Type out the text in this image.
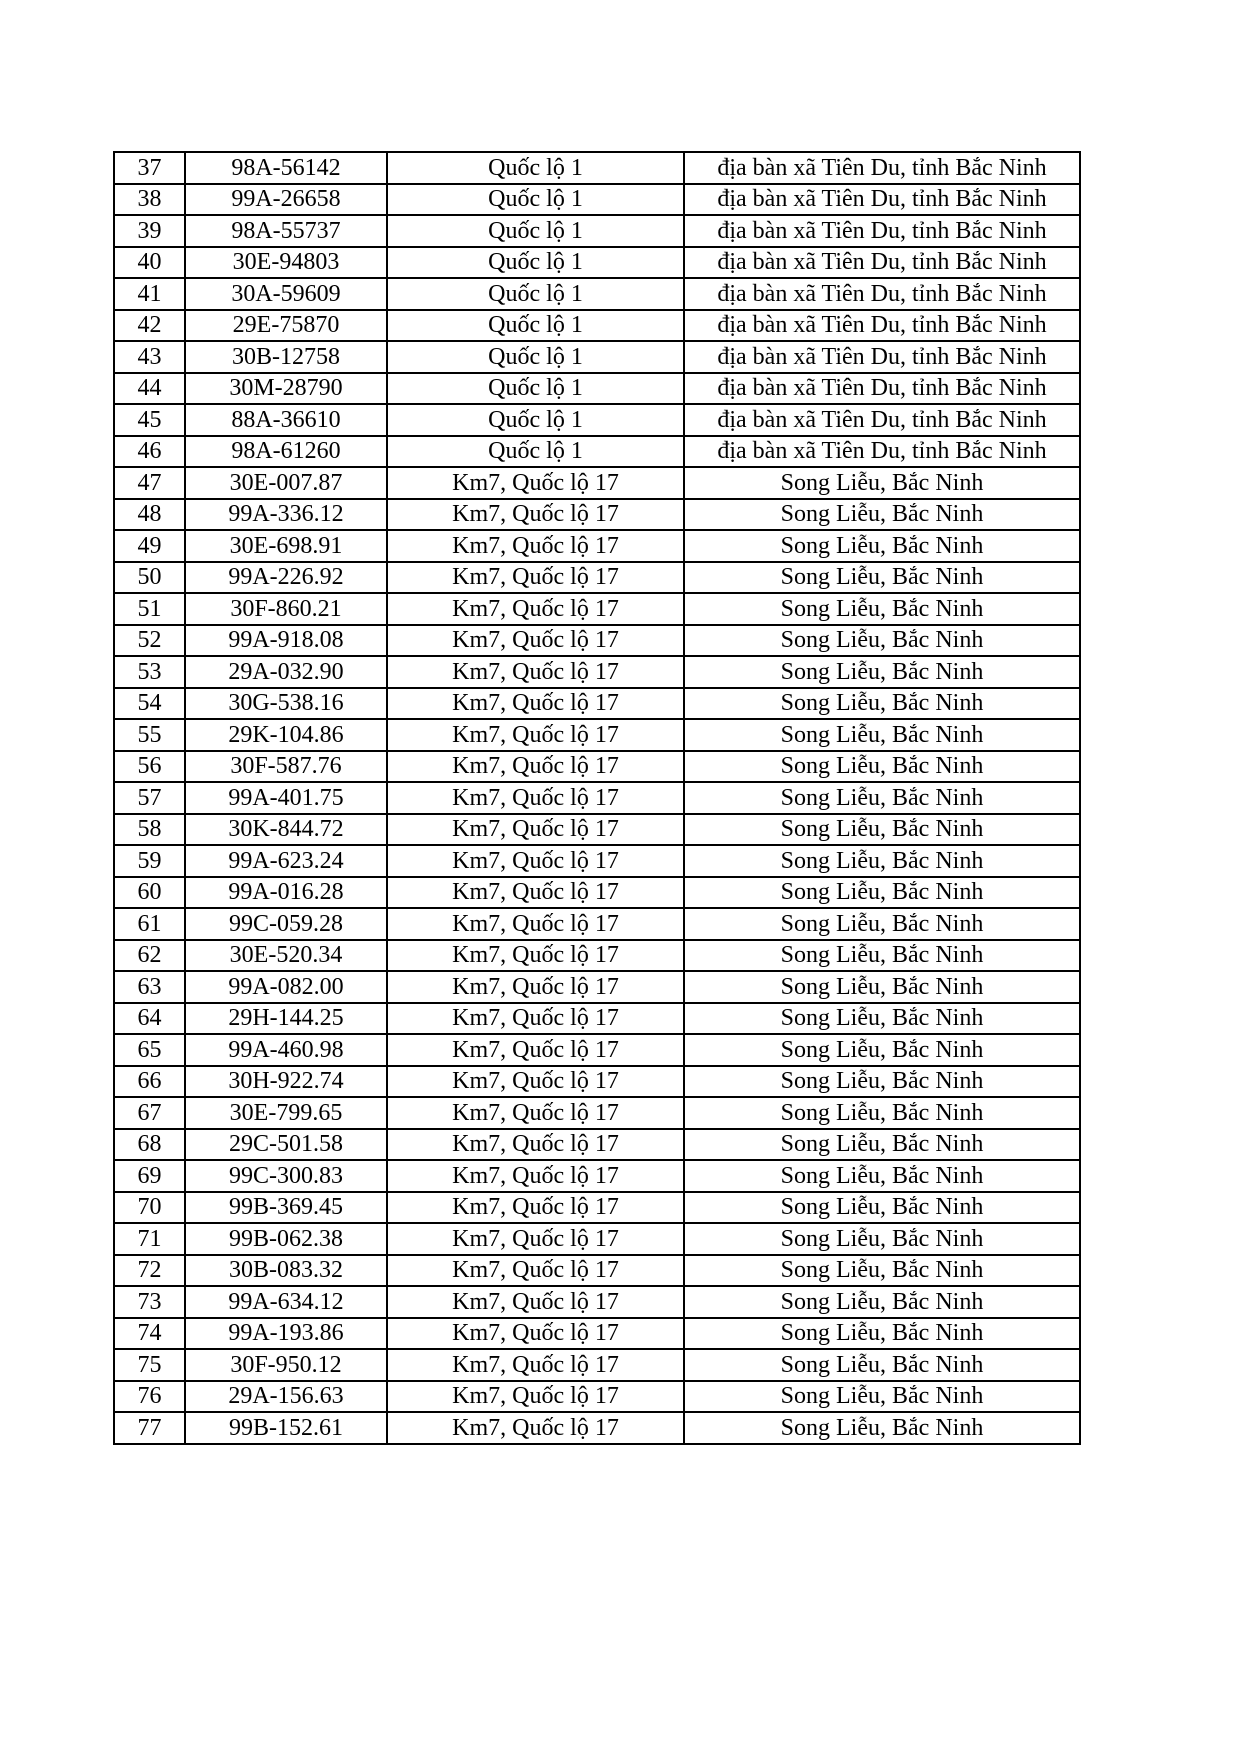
37	98A-56142	Quốc lộ 1	địa bàn xã Tiên Du, tỉnh Bắc Ninh
38	99A-26658	Quốc lộ 1	địa bàn xã Tiên Du, tỉnh Bắc Ninh
39	98A-55737	Quốc lộ 1	địa bàn xã Tiên Du, tỉnh Bắc Ninh
40	30E-94803	Quốc lộ 1	địa bàn xã Tiên Du, tỉnh Bắc Ninh
41	30A-59609	Quốc lộ 1	địa bàn xã Tiên Du, tỉnh Bắc Ninh
42	29E-75870	Quốc lộ 1	địa bàn xã Tiên Du, tỉnh Bắc Ninh
43	30B-12758	Quốc lộ 1	địa bàn xã Tiên Du, tỉnh Bắc Ninh
44	30M-28790	Quốc lộ 1	địa bàn xã Tiên Du, tỉnh Bắc Ninh
45	88A-36610	Quốc lộ 1	địa bàn xã Tiên Du, tỉnh Bắc Ninh
46	98A-61260	Quốc lộ 1	địa bàn xã Tiên Du, tỉnh Bắc Ninh
47	30E-007.87	Km7, Quốc lộ 17	Song Liễu, Bắc Ninh
48	99A-336.12	Km7, Quốc lộ 17	Song Liễu, Bắc Ninh
49	30E-698.91	Km7, Quốc lộ 17	Song Liễu, Bắc Ninh
50	99A-226.92	Km7, Quốc lộ 17	Song Liễu, Bắc Ninh
51	30F-860.21	Km7, Quốc lộ 17	Song Liễu, Bắc Ninh
52	99A-918.08	Km7, Quốc lộ 17	Song Liễu, Bắc Ninh
53	29A-032.90	Km7, Quốc lộ 17	Song Liễu, Bắc Ninh
54	30G-538.16	Km7, Quốc lộ 17	Song Liễu, Bắc Ninh
55	29K-104.86	Km7, Quốc lộ 17	Song Liễu, Bắc Ninh
56	30F-587.76	Km7, Quốc lộ 17	Song Liễu, Bắc Ninh
57	99A-401.75	Km7, Quốc lộ 17	Song Liễu, Bắc Ninh
58	30K-844.72	Km7, Quốc lộ 17	Song Liễu, Bắc Ninh
59	99A-623.24	Km7, Quốc lộ 17	Song Liễu, Bắc Ninh
60	99A-016.28	Km7, Quốc lộ 17	Song Liễu, Bắc Ninh
61	99C-059.28	Km7, Quốc lộ 17	Song Liễu, Bắc Ninh
62	30E-520.34	Km7, Quốc lộ 17	Song Liễu, Bắc Ninh
63	99A-082.00	Km7, Quốc lộ 17	Song Liễu, Bắc Ninh
64	29H-144.25	Km7, Quốc lộ 17	Song Liễu, Bắc Ninh
65	99A-460.98	Km7, Quốc lộ 17	Song Liễu, Bắc Ninh
66	30H-922.74	Km7, Quốc lộ 17	Song Liễu, Bắc Ninh
67	30E-799.65	Km7, Quốc lộ 17	Song Liễu, Bắc Ninh
68	29C-501.58	Km7, Quốc lộ 17	Song Liễu, Bắc Ninh
69	99C-300.83	Km7, Quốc lộ 17	Song Liễu, Bắc Ninh
70	99B-369.45	Km7, Quốc lộ 17	Song Liễu, Bắc Ninh
71	99B-062.38	Km7, Quốc lộ 17	Song Liễu, Bắc Ninh
72	30B-083.32	Km7, Quốc lộ 17	Song Liễu, Bắc Ninh
73	99A-634.12	Km7, Quốc lộ 17	Song Liễu, Bắc Ninh
74	99A-193.86	Km7, Quốc lộ 17	Song Liễu, Bắc Ninh
75	30F-950.12	Km7, Quốc lộ 17	Song Liễu, Bắc Ninh
76	29A-156.63	Km7, Quốc lộ 17	Song Liễu, Bắc Ninh
77	99B-152.61	Km7, Quốc lộ 17	Song Liễu, Bắc Ninh
